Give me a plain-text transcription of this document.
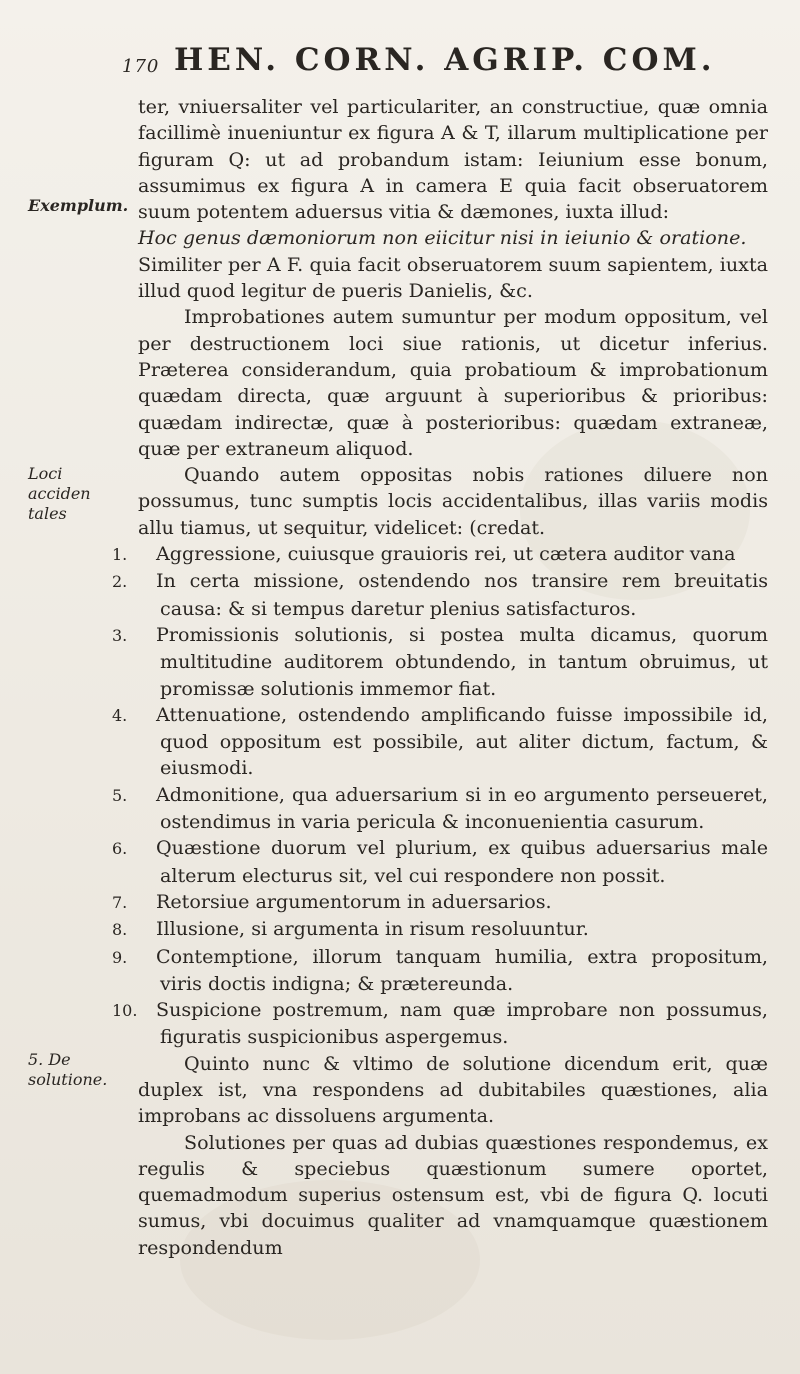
170 HEN. CORN. AGRIP. COM.
Exemplum.
Loci acciden tales
5. De solutione.

ter, vniuersaliter vel particulariter, an constructiue, quæ omnia facillimè inueniuntur ex figura A & T, illarum multiplicatione per figuram Q: ut ad probandum istam: Ieiunium esse bonum, assumimus ex figura A in camera E quia facit obseruatorem suum potentem aduersus vitia & dæmones, iuxta illud:

Hoc genus dæmoniorum non eiicitur nisi in ieiunio & oratione.

Similiter per A F. quia facit obseruatorem suum sapientem, iuxta illud quod legitur de pueris Danielis, &c.

Improbationes autem sumuntur per modum oppositum, vel per destructionem loci siue rationis, ut dicetur inferius. Præterea considerandum, quia probatioum & improbationum quædam directa, quæ arguunt à superioribus & prioribus: quædam indirectæ, quæ à posterioribus: quædam extraneæ, quæ per extraneum aliquod.

Quando autem oppositas nobis rationes diluere non possumus, tunc sumptis locis accidentalibus, illas variis modis allu tiamus, ut sequitur, videlicet: (credat.

1. Aggressione, cuiusque grauioris rei, ut cætera auditor vana

2. In certa missione, ostendendo nos transire rem breuitatis causa: & si tempus daretur plenius satisfacturos.

3. Promissionis solutionis, si postea multa dicamus, quorum multitudine auditorem obtundendo, in tantum obruimus, ut promissæ solutionis immemor fiat.

4. Attenuatione, ostendendo amplificando fuisse impossibile id, quod oppositum est possibile, aut aliter dictum, factum, & eiusmodi.

5. Admonitione, qua aduersarium si in eo argumento perseueret, ostendimus in varia pericula & inconuenientia casurum.

6. Quæstione duorum vel plurium, ex quibus aduersarius male alterum electurus sit, vel cui respondere non possit.

7. Retorsiue argumentorum in aduersarios.

8. Illusione, si argumenta in risum resoluuntur.

9. Contemptione, illorum tanquam humilia, extra propositum, viris doctis indigna; & prætereunda.

10. Suspicione postremum, nam quæ improbare non possumus, figuratis suspicionibus aspergemus.

Quinto nunc & vltimo de solutione dicendum erit, quæ duplex ist, vna respondens ad dubitabiles quæstiones, alia improbans ac dissoluens argumenta.

Solutiones per quas ad dubias quæstiones respondemus, ex regulis & speciebus quæstionum sumere oportet, quemadmodum superius ostensum est, vbi de figura Q. locuti sumus, vbi docuimus qualiter ad vnamquamque quæstionem respondendum
